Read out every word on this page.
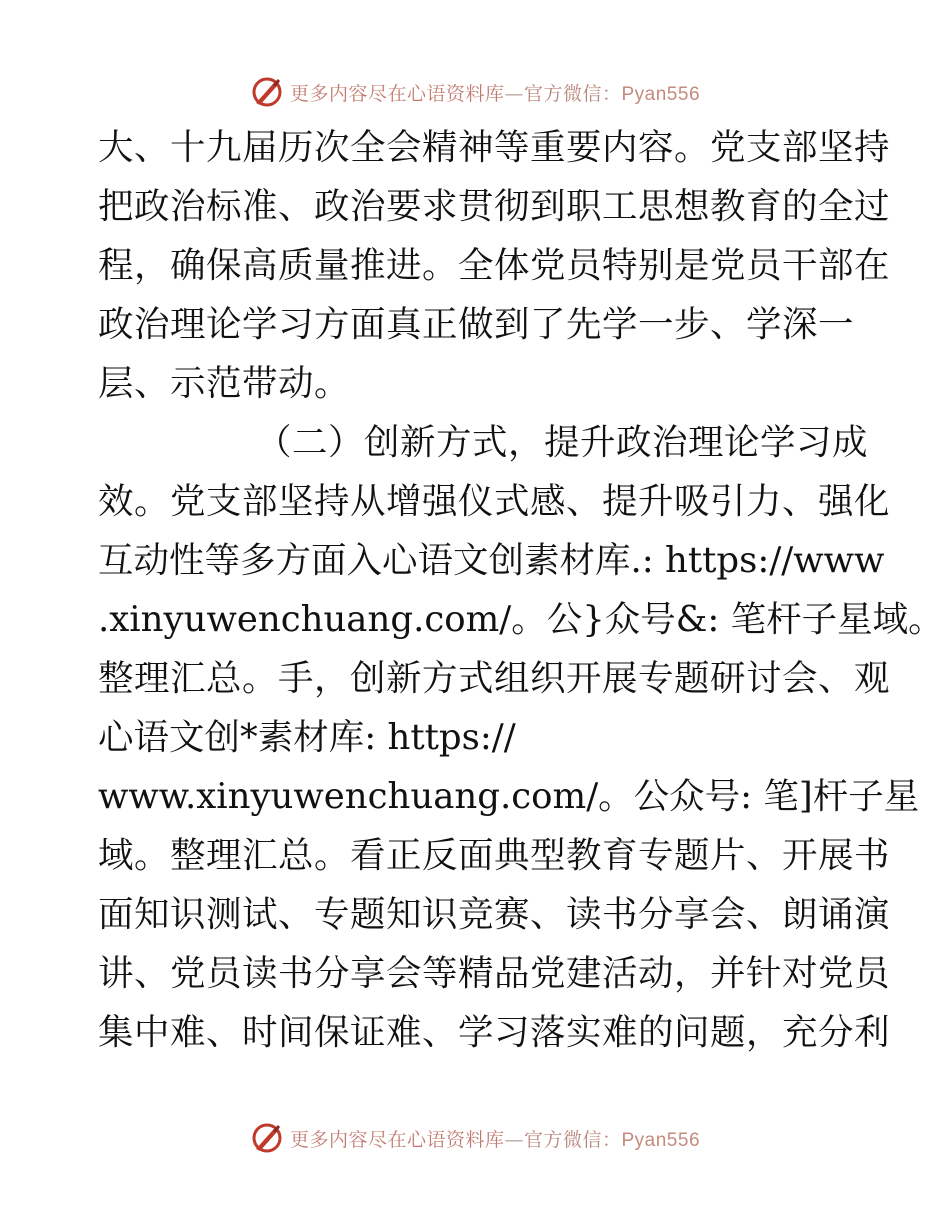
更多内容尽在心语资料库—官方微信：Pyan556
大、十九届历次全会精神等重要内容。党支部坚持
把政治标准、政治要求贯彻到职工思想教育的全过
程，确保高质量推进。全体党员特别是党员干部在
政治理论学习方面真正做到了先学一步、学深一
层、示范带动。
（二）创新方式，提升政治理论学习成
效。党支部坚持从增强仪式感、提升吸引力、强化
互动性等多方面入心语文创素材库.: https://www
.xinyuwenchuang.com/。公}众号&: 笔杆子星域。
整理汇总。手，创新方式组织开展专题研讨会、观
心语文创*素材库: https://
www.xinyuwenchuang.com/。公众号: 笔]杆子星
域。整理汇总。看正反面典型教育专题片、开展书
面知识测试、专题知识竞赛、读书分享会、朗诵演
讲、党员读书分享会等精品党建活动，并针对党员
集中难、时间保证难、学习落实难的问题，充分利
更多内容尽在心语资料库—官方微信：Pyan556
